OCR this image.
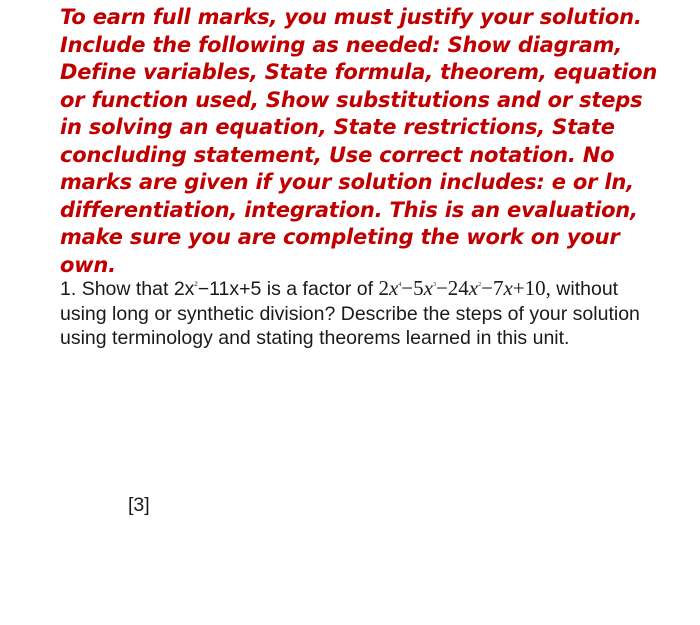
To earn full marks, you must justify your solution. Include the following as needed: Show diagram, Define variables, State formula, theorem, equation or function used, Show substitutions and or steps in solving an equation, State restrictions, State concluding statement, Use correct notation. No marks are given if your solution includes: e or ln, differentiation, integration. This is an evaluation, make sure you are completing the work on your own.
1. Show that $2x^2-11x+5$ is a factor of $2x^4-5x^3-24x^2-7x+10$, without using long or synthetic division? Describe the steps of your solution using terminology and stating theorems learned in this unit.
[3]
